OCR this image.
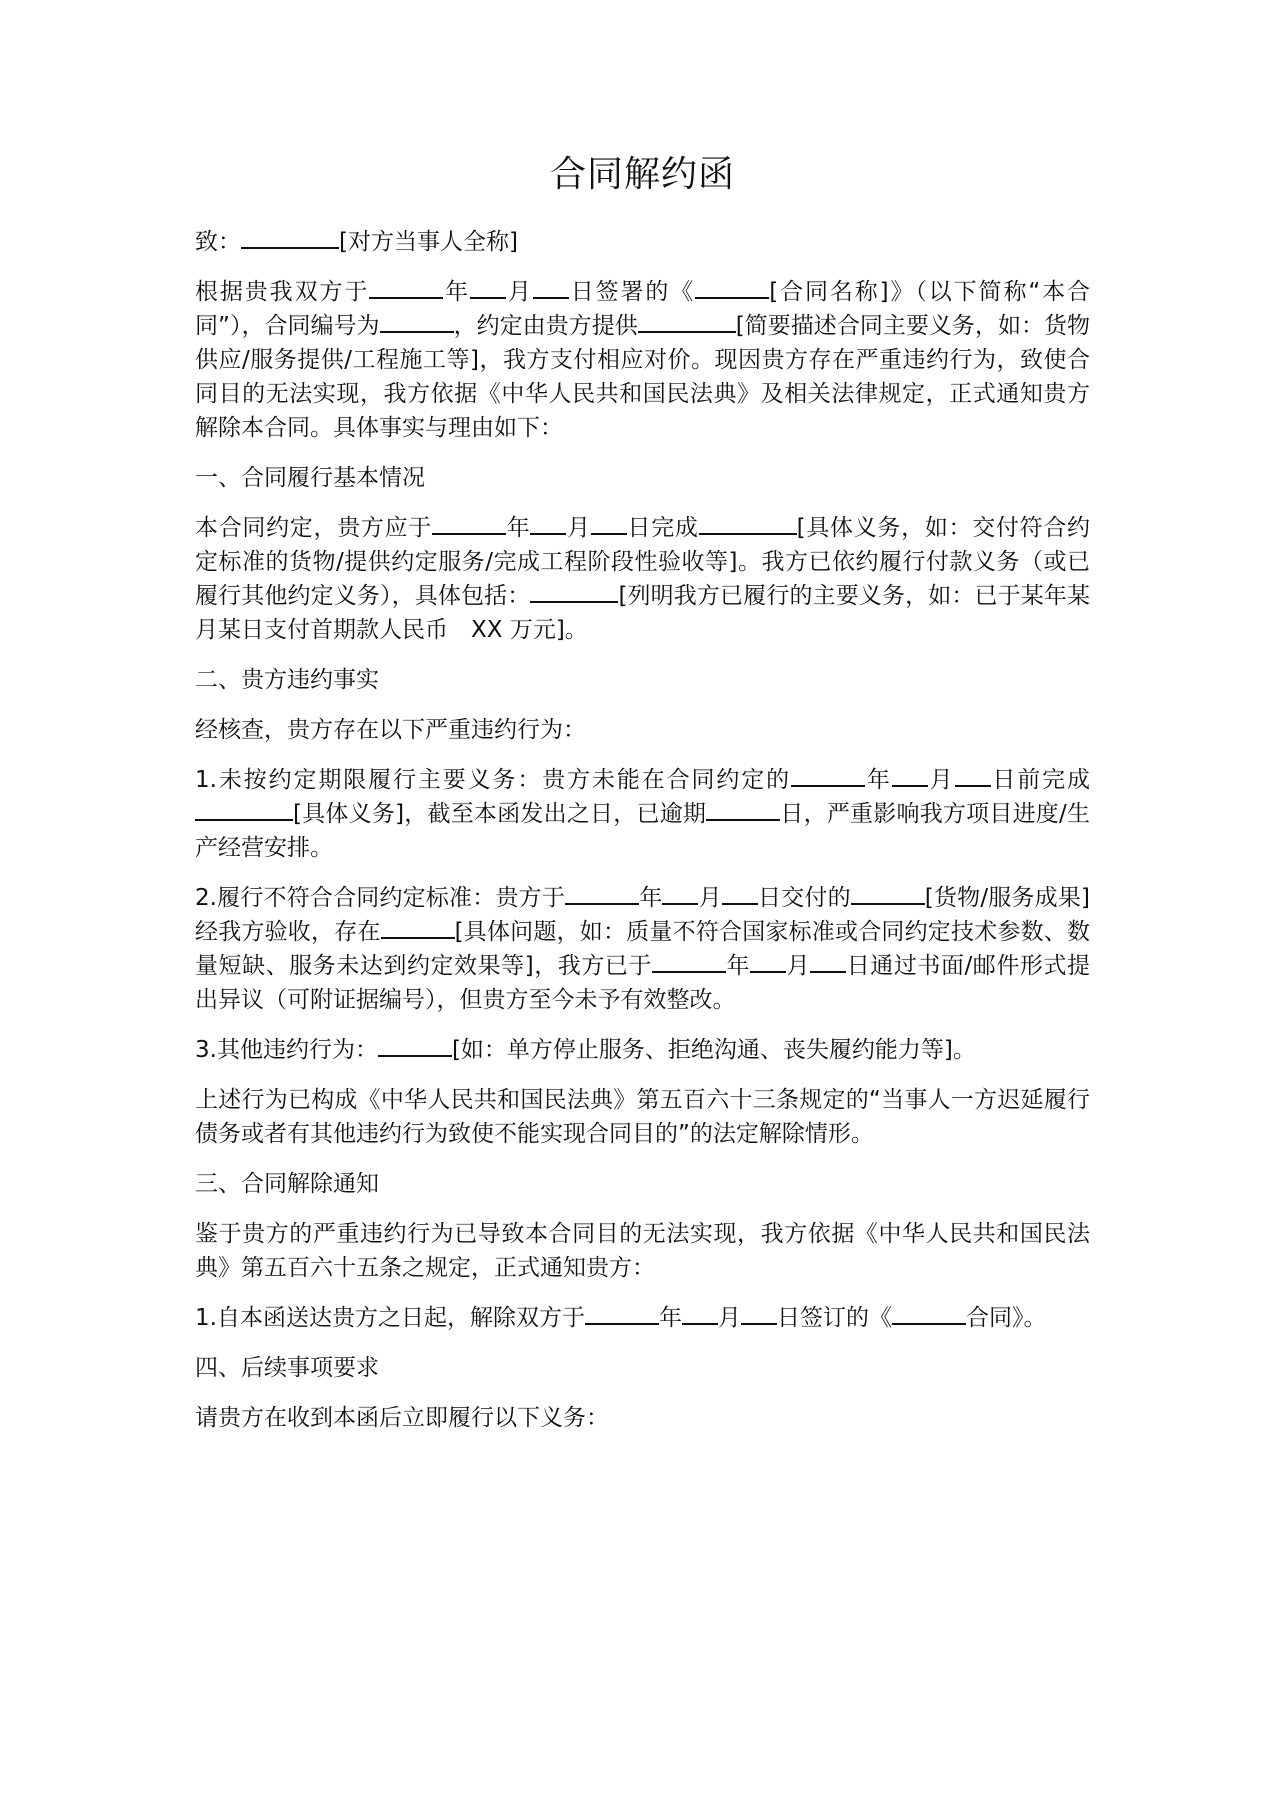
合同解约函

致：	[对方当事人全称]

根据贵我双方于	年 月 日签署的《	[合同名称]》（以下简称“本合同”），合同编号为	，约定由贵方提供	[简要描述合同主要义务，如：货物供应/服务提供/工程施工等]，我方支付相应对价。现因贵方存在严重违约行为，致使合同目的无法实现，我方依据《中华人民共和国民法典》及相关法律规定，正式通知贵方解除本合同。具体事实与理由如下：

一、合同履行基本情况

本合同约定，贵方应于	年 月 日完成	[具体义务，如：交付符合约定标准的货物/提供约定服务/完成工程阶段性验收等]。我方已依约履行付款义务（或已履行其他约定义务），具体包括：	[列明我方已履行的主要义务，如：已于某年某月某日支付首期款人民币　XX 万元]。

二、贵方违约事实

经核查，贵方存在以下严重违约行为：

1.未按约定期限履行主要义务：贵方未能在合同约定的	年 月 日前完成[具体义务]，截至本函发出之日，已逾期	日，严重影响我方项目进度/生产经营安排。

2.履行不符合合同约定标准：贵方于	年 月 日交付的	[货物/服务成果]经我方验收，存在	[具体问题，如：质量不符合国家标准或合同约定技术参数、数量短缺、服务未达到约定效果等]，我方已于	年 月 日通过书面/邮件形式提出异议（可附证据编号），但贵方至今未予有效整改。

3.其他违约行为：	[如：单方停止服务、拒绝沟通、丧失履约能力等]。

上述行为已构成《中华人民共和国民法典》第五百六十三条规定的“当事人一方迟延履行债务或者有其他违约行为致使不能实现合同目的”的法定解除情形。

三、合同解除通知

鉴于贵方的严重违约行为已导致本合同目的无法实现，我方依据《中华人民共和国民法典》第五百六十五条之规定，正式通知贵方：

1.自本函送达贵方之日起，解除双方于	年 月 日签订的《	合同》。

四、后续事项要求

请贵方在收到本函后立即履行以下义务：
